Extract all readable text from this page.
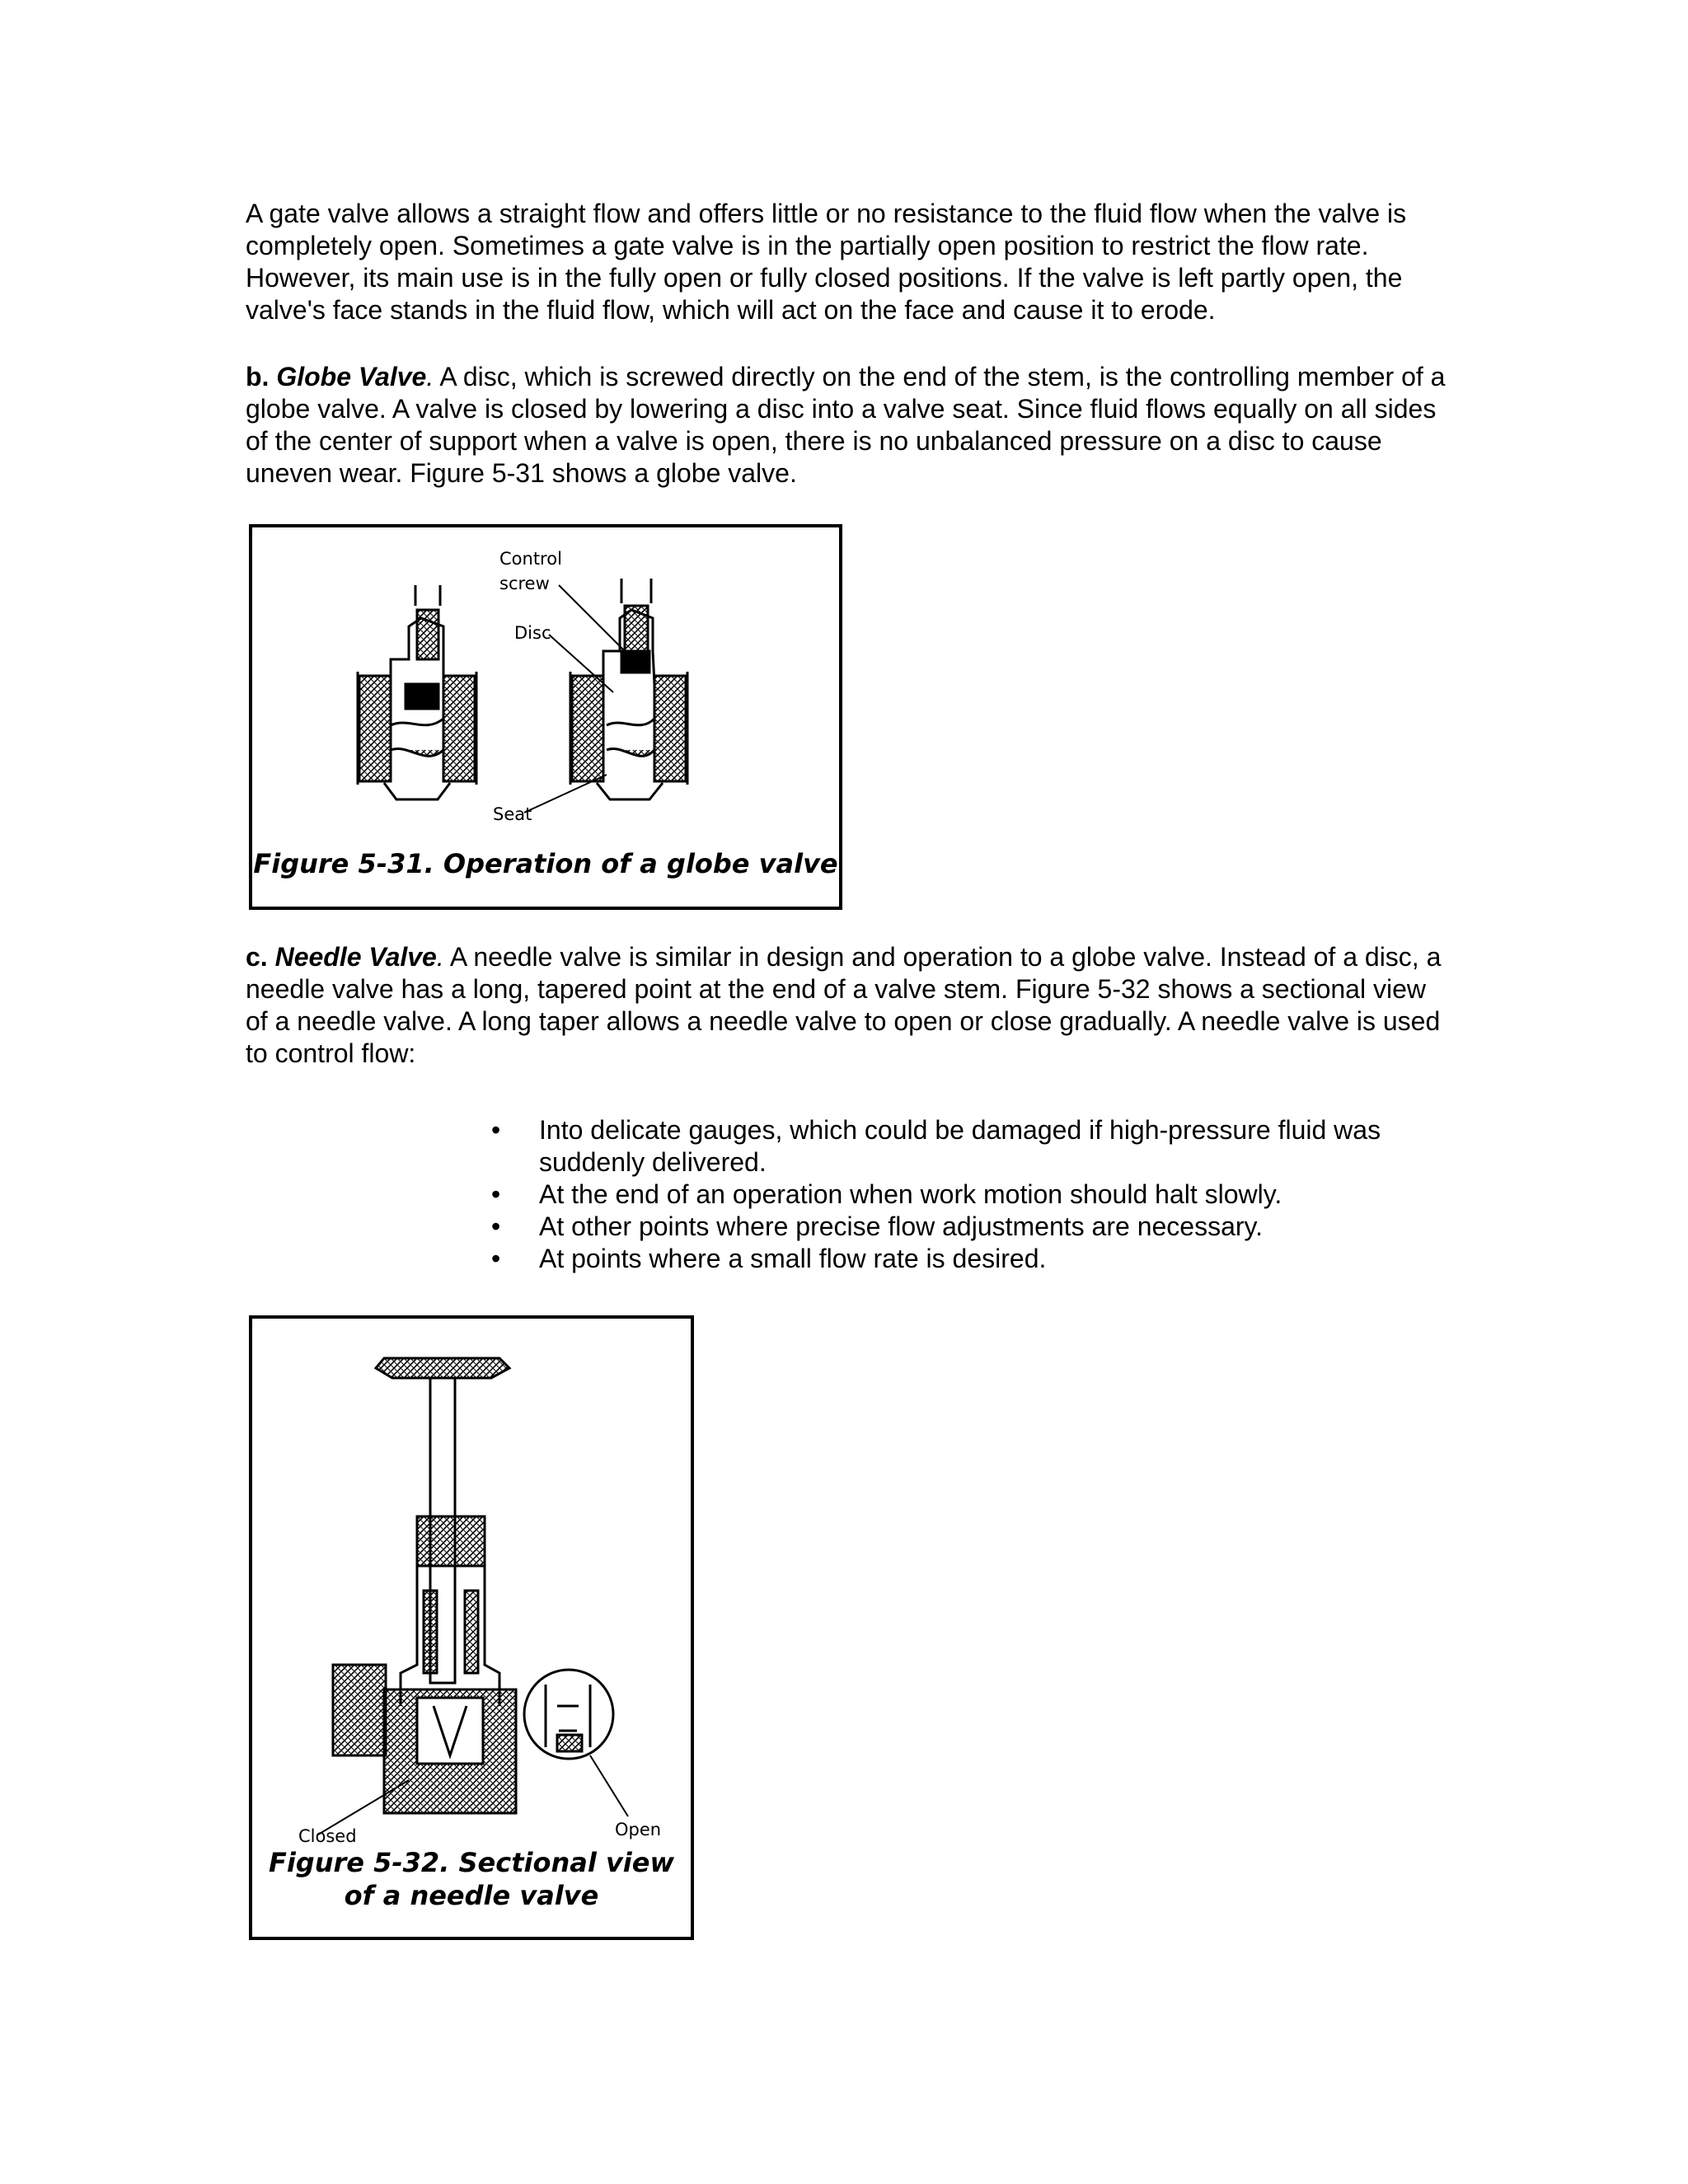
A gate valve allows a straight flow and offers little or no resistance to the fluid flow when the valve is completely open. Sometimes a gate valve is in the partially open position to restrict the flow rate. However, its main use is in the fully open or fully closed positions. If the valve is left partly open, the valve's face stands in the fluid flow, which will act on the face and cause it to erode.

b. Globe Valve. A disc, which is screwed directly on the end of the stem, is the controlling member of a globe valve. A valve is closed by lowering a disc into a valve seat. Since fluid flows equally on all sides of the center of support when a valve is open, there is no unbalanced pressure on a disc to cause uneven wear. Figure 5-31 shows a globe valve.

Control

screw

Disc

Seat

Figure 5-31. Operation of a globe valve

c. Needle Valve. A needle valve is similar in design and operation to a globe valve. Instead of a disc, a needle valve has a long, tapered point at the end of a valve stem. Figure 5-32 shows a sectional view of a needle valve. A long taper allows a needle valve to open or close gradually. A needle valve is used to control flow:

• Into delicate gauges, which could be damaged if high-pressure fluid was suddenly delivered.
• At the end of an operation when work motion should halt slowly.
• At other points where precise flow adjustments are necessary.
• At points where a small flow rate is desired.

Closed	Open

Figure 5-32. Sectional view
of a needle valve
